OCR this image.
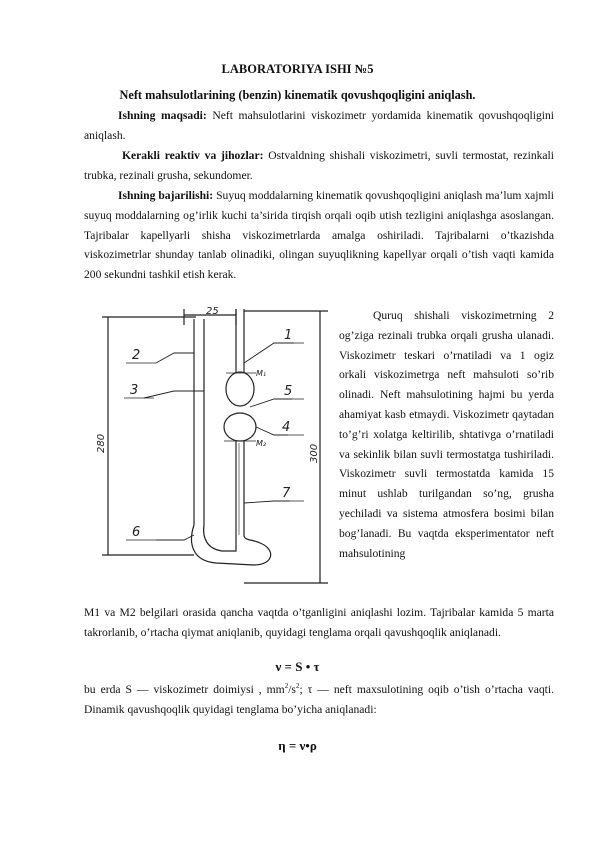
LABORATORIYA ISHI №5
Neft mahsulotlarining (benzin) kinematik qovushqoqligini aniqlash.
Ishning maqsadi: Neft mahsulotlarini viskozimetr yordamida kinematik qovushqoqligini aniqlash.
Kerakli reaktiv va jihozlar: Ostvaldning shishali viskozimetri, suvli termostat, rezinkali trubka, rezinali grusha, sekundomer.
Ishning bajarilishi: Suyuq moddalarning kinematik qovushqoqligini aniqlash ma’lum xajmli suyuq moddalarning og’irlik kuchi ta’sirida tirqish orqali oqib utish tezligini aniqlashga asoslangan. Tajribalar kapellyarli shisha viskozimetrlarda amalga oshiriladi. Tajribalarni o’tkazishda viskozimetrlar shunday tanlab olinadiki, olingan suyuqlikning kapellyar orqali o’tish vaqti kamida 200 sekundni tashkil etish kerak.
25
280
300
2
3
6
1
5
4
7
M₁
M₂
Quruq shishali viskozimetrning 2 og’ziga rezinali trubka orqali grusha ulanadi. Viskozimetr teskari o’rnatiladi va 1 ogiz orkali viskozimetrga neft mahsuloti so’rib olinadi. Neft mahsulotining hajmi bu yerda ahamiyat kasb etmaydi. Viskozimetr qaytadan to’g’ri xolatga keltirilib, shtativga o’rnatiladi va sekinlik bilan suvli termostatga tushiriladi. Viskozimetr suvli termostatda kamida 15 minut ushlab turilgandan so’ng, grusha yechiladi va sistema atmosfera bosimi bilan bog’lanadi. Bu vaqtda eksperimentator neft mahsulotining
M1 va M2 belgilari orasida qancha vaqtda o’tganligini aniqlashi lozim. Tajribalar kamida 5 marta takrorlanib, o’rtacha qiymat aniqlanib, quyidagi tenglama orqali qavushqoqlik aniqlanadi.
ν = S • τ
bu erda S — viskozimetr doimiysi , $mm^2/s^2$; τ — neft maxsulotining oqib o’tish o’rtacha vaqti. Dinamik qavushqoqlik quyidagi tenglama bo’yicha aniqlanadi:
η = ν•ρ
